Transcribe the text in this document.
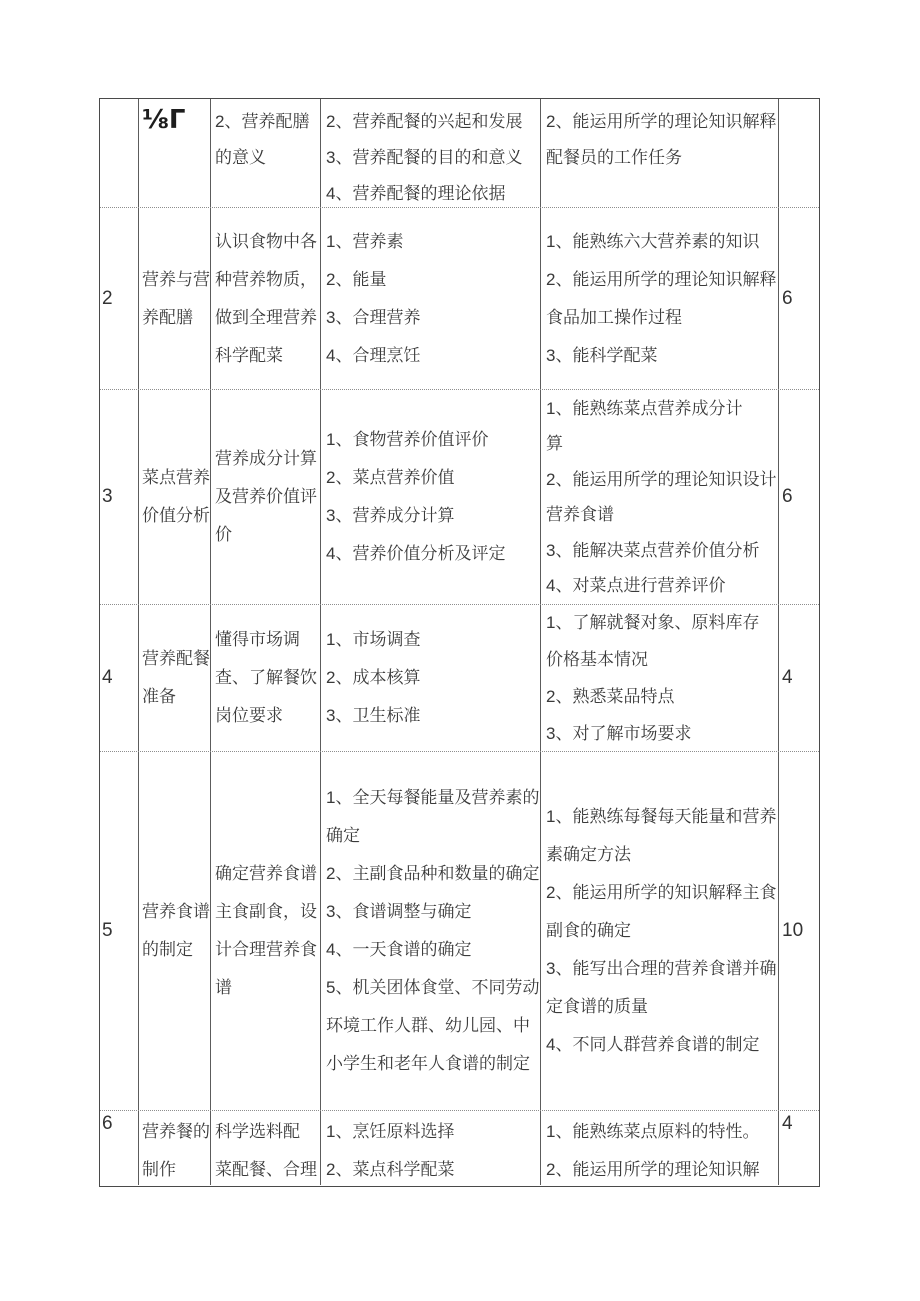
⅛Γ	2、营养配膳
的意义
2、营养配餐的兴起和发展
3、营养配餐的目的和意义
4、营养配餐的理论依据
2、能运用所学的理论知识解释
配餐员的工作任务
2
营养与营
养配膳
认识食物中各
种营养物质，
做到全理营养
科学配菜
1、营养素
2、能量
3、合理营养
4、合理烹饪
1、能熟练六大营养素的知识
2、能运用所学的理论知识解释
食品加工操作过程
3、能科学配菜
6
3
菜点营养
价值分析
营养成分计算
及营养价值评
价
1、食物营养价值评价
2、菜点营养价值
3、营养成分计算
4、营养价值分析及评定
1、能熟练菜点营养成分计
算
2、能运用所学的理论知识设计
营养食谱
3、能解决菜点营养价值分析
4、对菜点进行营养评价
6
4
营养配餐
准备
懂得市场调
查、了解餐饮
岗位要求
1、市场调查
2、成本核算
3、卫生标准
1、了解就餐对象、原料库存
价格基本情况
2、熟悉菜品特点
3、对了解市场要求
4
5
营养食谱
的制定
确定营养食谱
主食副食，设
计合理营养食
谱
1、全天每餐能量及营养素的
确定
2、主副食品种和数量的确定
3、食谱调整与确定
4、一天食谱的确定
5、机关团体食堂、不同劳动
环境工作人群、幼儿园、中
小学生和老年人食谱的制定
1、能熟练每餐每天能量和营养
素确定方法
2、能运用所学的知识解释主食
副食的确定
3、能写出合理的营养食谱并确
定食谱的质量
4、不同人群营养食谱的制定
10
6	营养餐的
制作
科学选料配
菜配餐、合理
1、烹饪原料选择
2、菜点科学配菜
1、能熟练菜点原料的特性。
2、能运用所学的理论知识解
4
